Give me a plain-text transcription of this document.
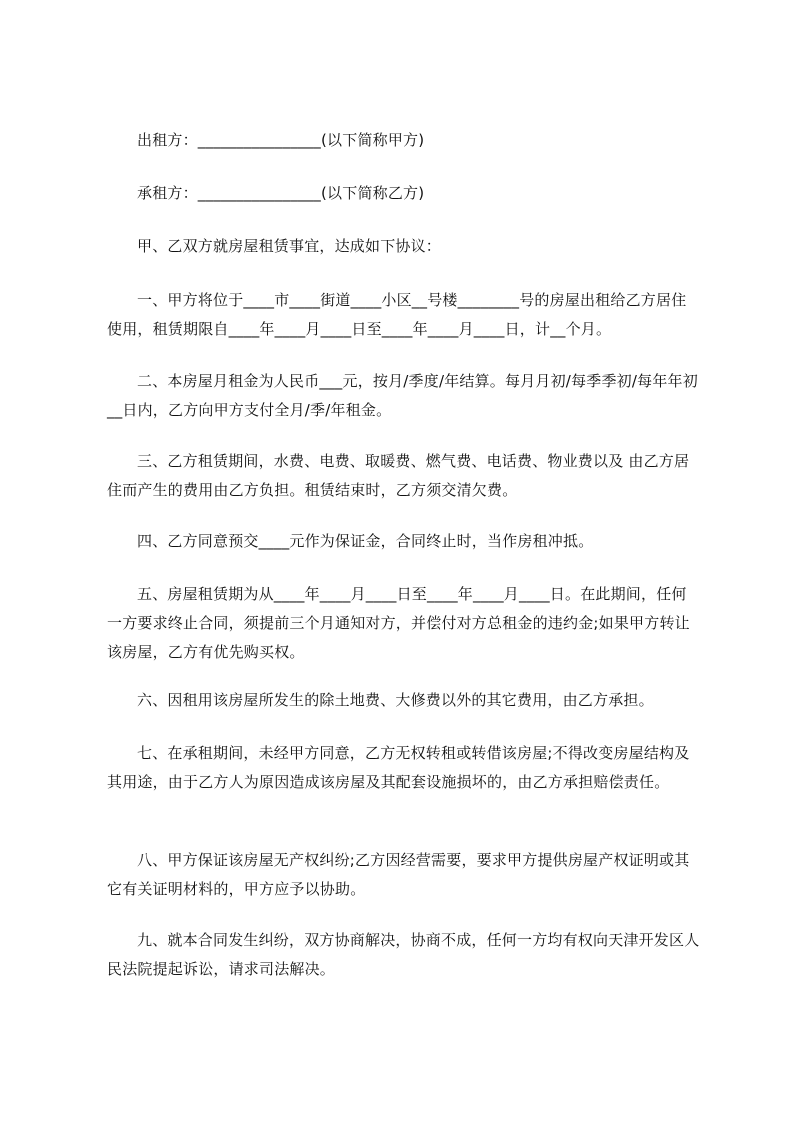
出租方：________________(以下简称甲方)

承租方：________________(以下简称乙方)

甲、乙双方就房屋租赁事宜，达成如下协议：

一、甲方将位于____市____街道____小区__号楼________号的房屋出租给乙方居住使用，租赁期限自____年____月____日至____年____月____日，计__个月。

二、本房屋月租金为人民币___元，按月/季度/年结算。每月月初/每季季初/每年年初__日内，乙方向甲方支付全月/季/年租金。

三、乙方租赁期间，水费、电费、取暖费、燃气费、电话费、物业费以及 由乙方居住而产生的费用由乙方负担。租赁结束时，乙方须交清欠费。

四、乙方同意预交____元作为保证金，合同终止时，当作房租冲抵。

五、房屋租赁期为从____年____月____日至____年____月____日。在此期间，任何一方要求终止合同，须提前三个月通知对方，并偿付对方总租金的违约金;如果甲方转让该房屋，乙方有优先购买权。

六、因租用该房屋所发生的除土地费、大修费以外的其它费用，由乙方承担。

七、在承租期间，未经甲方同意，乙方无权转租或转借该房屋;不得改变房屋结构及其用途，由于乙方人为原因造成该房屋及其配套设施损坏的，由乙方承担赔偿责任。

八、甲方保证该房屋无产权纠纷;乙方因经营需要，要求甲方提供房屋产权证明或其它有关证明材料的，甲方应予以协助。

九、就本合同发生纠纷，双方协商解决，协商不成，任何一方均有权向天津开发区人民法院提起诉讼，请求司法解决。
